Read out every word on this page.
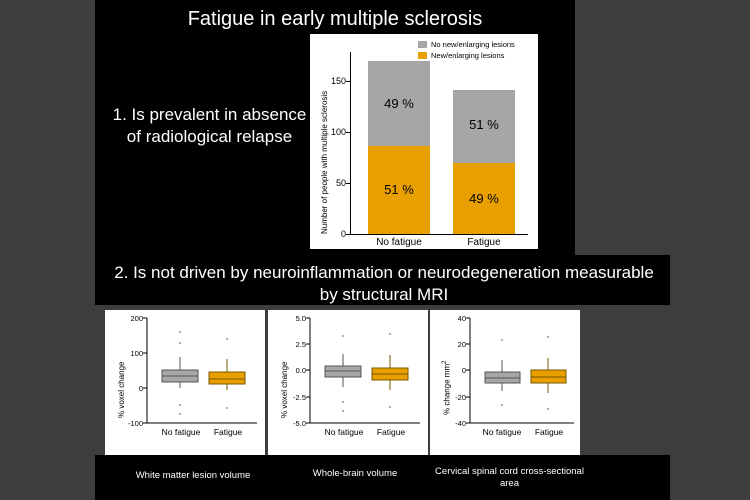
Fatigue in early multiple sclerosis
1. Is prevalent in absence of radiological relapse	Number of people with multiple sclerosis	0
50
100
150
No new/enlarging lesions
New/enlarging lesions
51 %
49 %
49 %
51 %
No fatigue	Fatigue
2. Is not driven by neuroinflammation or neurodegeneration measurable by structural MRI
% voxel change
200
100
0
-100
No fatigue	Fatigue
% voxel change
5.0
2.5
0.0
-2.5
-5.0
No fatigue	Fatigue
% change $mm^2$
40
20
0
-20
-40
No fatigue	Fatigue
White matter lesion volume	Whole-brain volume	Cervical spinal cord cross-sectional area
